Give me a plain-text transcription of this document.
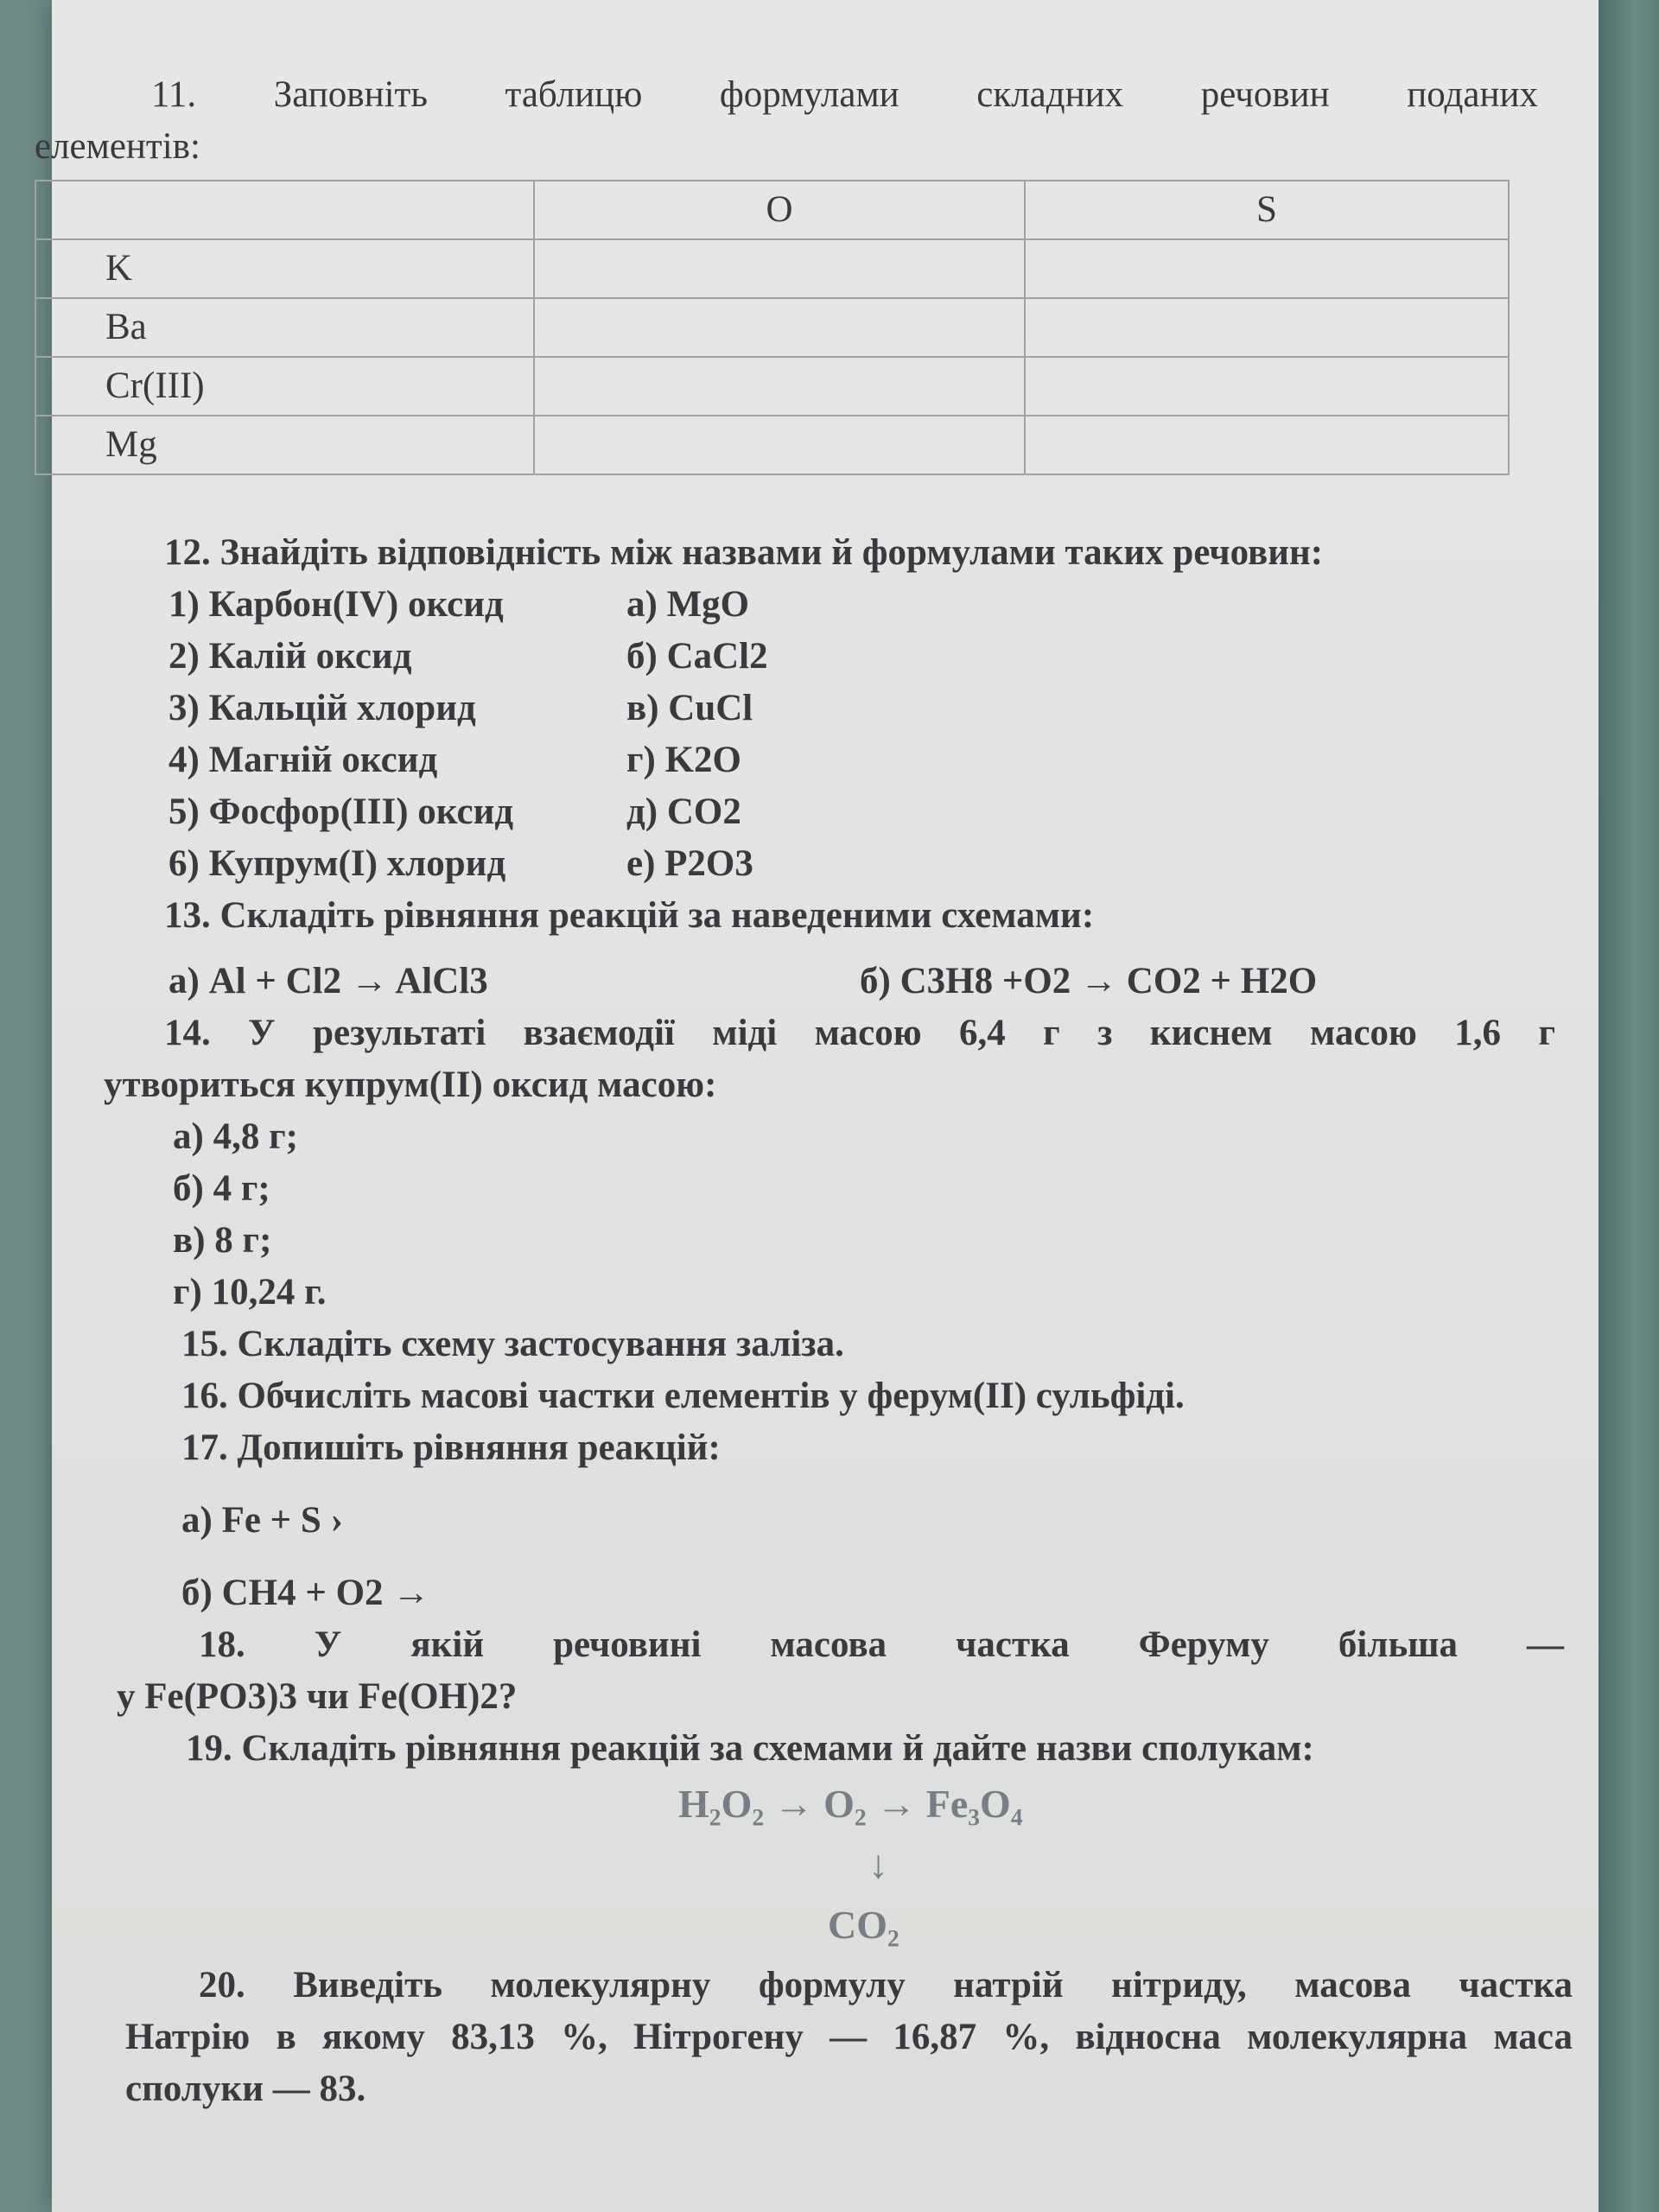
11. Заповніть таблицю формулами складних речовин поданих
елементів:
	O	S
K		
Ba		
Cr(III)		
Mg		
12. Знайдіть відповідність між назвами й формулами таких речовин:
1) Карбон(IV) оксид	а) MgO
2) Калій оксид	б) CaCl2
3) Кальцій хлорид	в) CuCl
4) Магній оксид	г) K2O
5) Фосфор(III) оксид	д) CO2
6) Купрум(I) хлорид	е) P2O3
13. Складіть рівняння реакцій за наведеними схемами:
а) Al + Cl2 → AlCl3	б) C3H8 +O2 → CO2 + H2O
14. У результаті взаємодії міді масою 6,4 г з киснем масою 1,6 г
утвориться купрум(II) оксид масою:
а) 4,8 г;
б) 4 г;
в) 8 г;
г) 10,24 г.
15. Складіть схему застосування заліза.
16. Обчисліть масові частки елементів у ферум(II) сульфіді.
17. Допишіть рівняння реакцій:
а) Fe + S ›
б) CH4 + O2 →
18. У якій речовині масова частка Феруму більша —
у Fe(PO3)3 чи Fe(OH)2?
19. Складіть рівняння реакцій за схемами й дайте назви сполукам:
H₂O₂ → O₂ → Fe₃O₄
↓
CO₂
20. Виведіть молекулярну формулу натрій нітриду, масова частка
Натрію в якому 83,13 %, Нітрогену — 16,87 %, відносна молекулярна маса
сполуки — 83.
